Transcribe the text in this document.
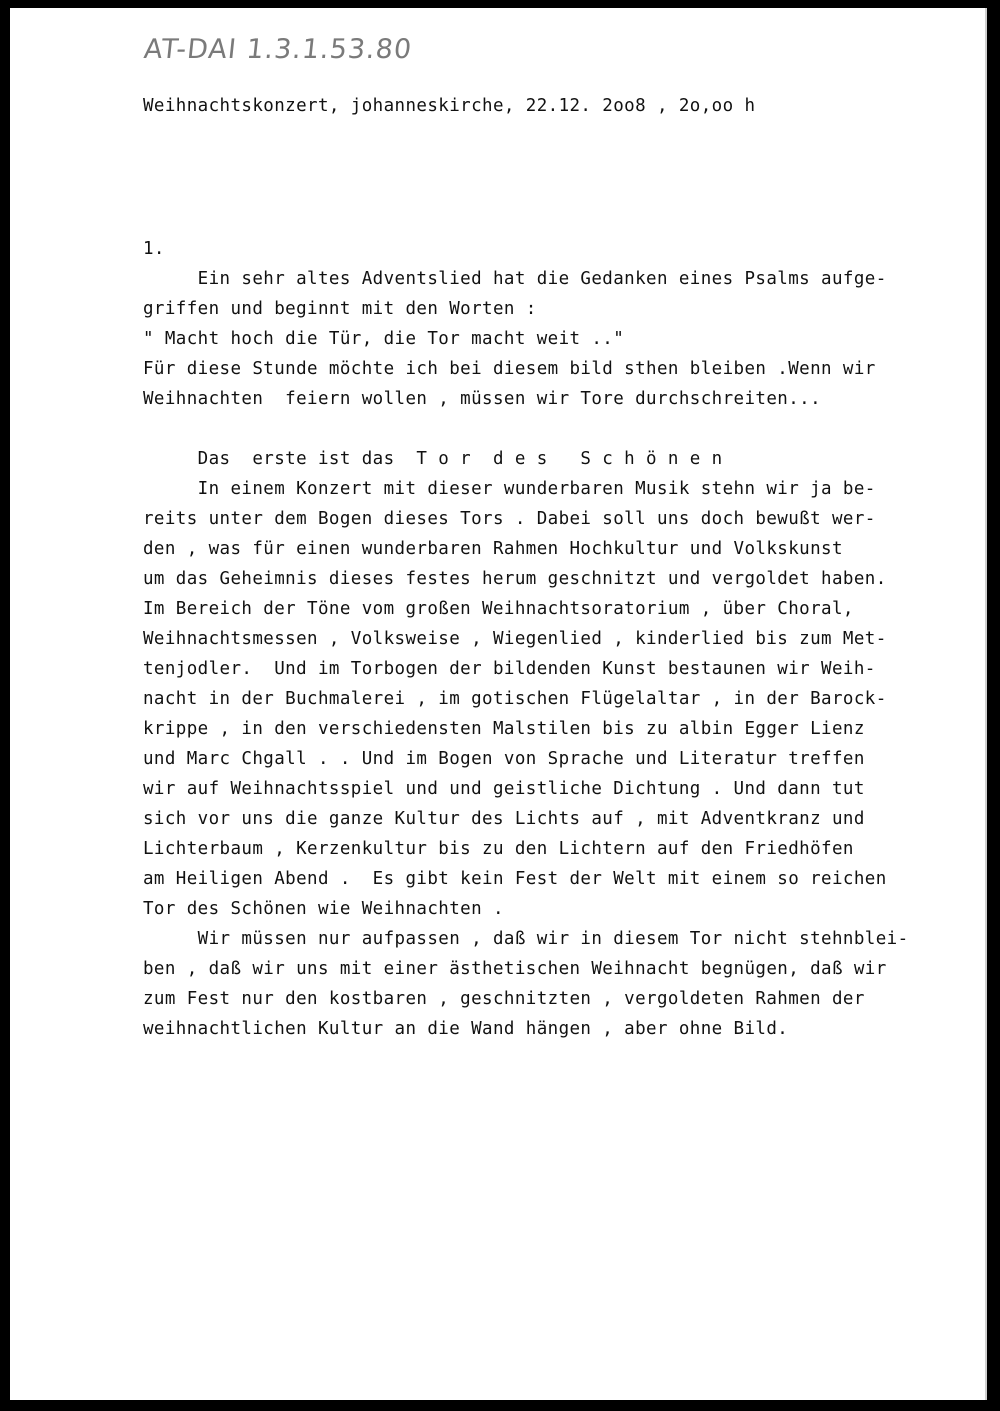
AT-DAI 1.3.1.53.80
Weihnachtskonzert, johanneskirche, 22.12. 2oo8 , 2o,oo h
1.
Ein sehr altes Adventslied hat die Gedanken eines Psalms aufge-
griffen und beginnt mit den Worten :
" Macht hoch die Tür, die Tor macht weit .."
Für diese Stunde möchte ich bei diesem bild sthen bleiben .Wenn wir
Weihnachten  feiern wollen , müssen wir Tore durchschreiten...
Das  erste ist das  T o r  d e s   S c h ö n e n
In einem Konzert mit dieser wunderbaren Musik stehn wir ja be-
reits unter dem Bogen dieses Tors . Dabei soll uns doch bewußt wer-
den , was für einen wunderbaren Rahmen Hochkultur und Volkskunst
um das Geheimnis dieses festes herum geschnitzt und vergoldet haben.
Im Bereich der Töne vom großen Weihnachtsoratorium , über Choral,
Weihnachtsmessen , Volksweise , Wiegenlied , kinderlied bis zum Met-
tenjodler.  Und im Torbogen der bildenden Kunst bestaunen wir Weih-
nacht in der Buchmalerei , im gotischen Flügelaltar , in der Barock-
krippe , in den verschiedensten Malstilen bis zu albin Egger Lienz
und Marc Chgall . . Und im Bogen von Sprache und Literatur treffen
wir auf Weihnachtsspiel und und geistliche Dichtung . Und dann tut
sich vor uns die ganze Kultur des Lichts auf , mit Adventkranz und
Lichterbaum , Kerzenkultur bis zu den Lichtern auf den Friedhöfen
am Heiligen Abend .  Es gibt kein Fest der Welt mit einem so reichen
Tor des Schönen wie Weihnachten .
Wir müssen nur aufpassen , daß wir in diesem Tor nicht stehnblei-
ben , daß wir uns mit einer ästhetischen Weihnacht begnügen, daß wir
zum Fest nur den kostbaren , geschnitzten , vergoldeten Rahmen der
weihnachtlichen Kultur an die Wand hängen , aber ohne Bild.
